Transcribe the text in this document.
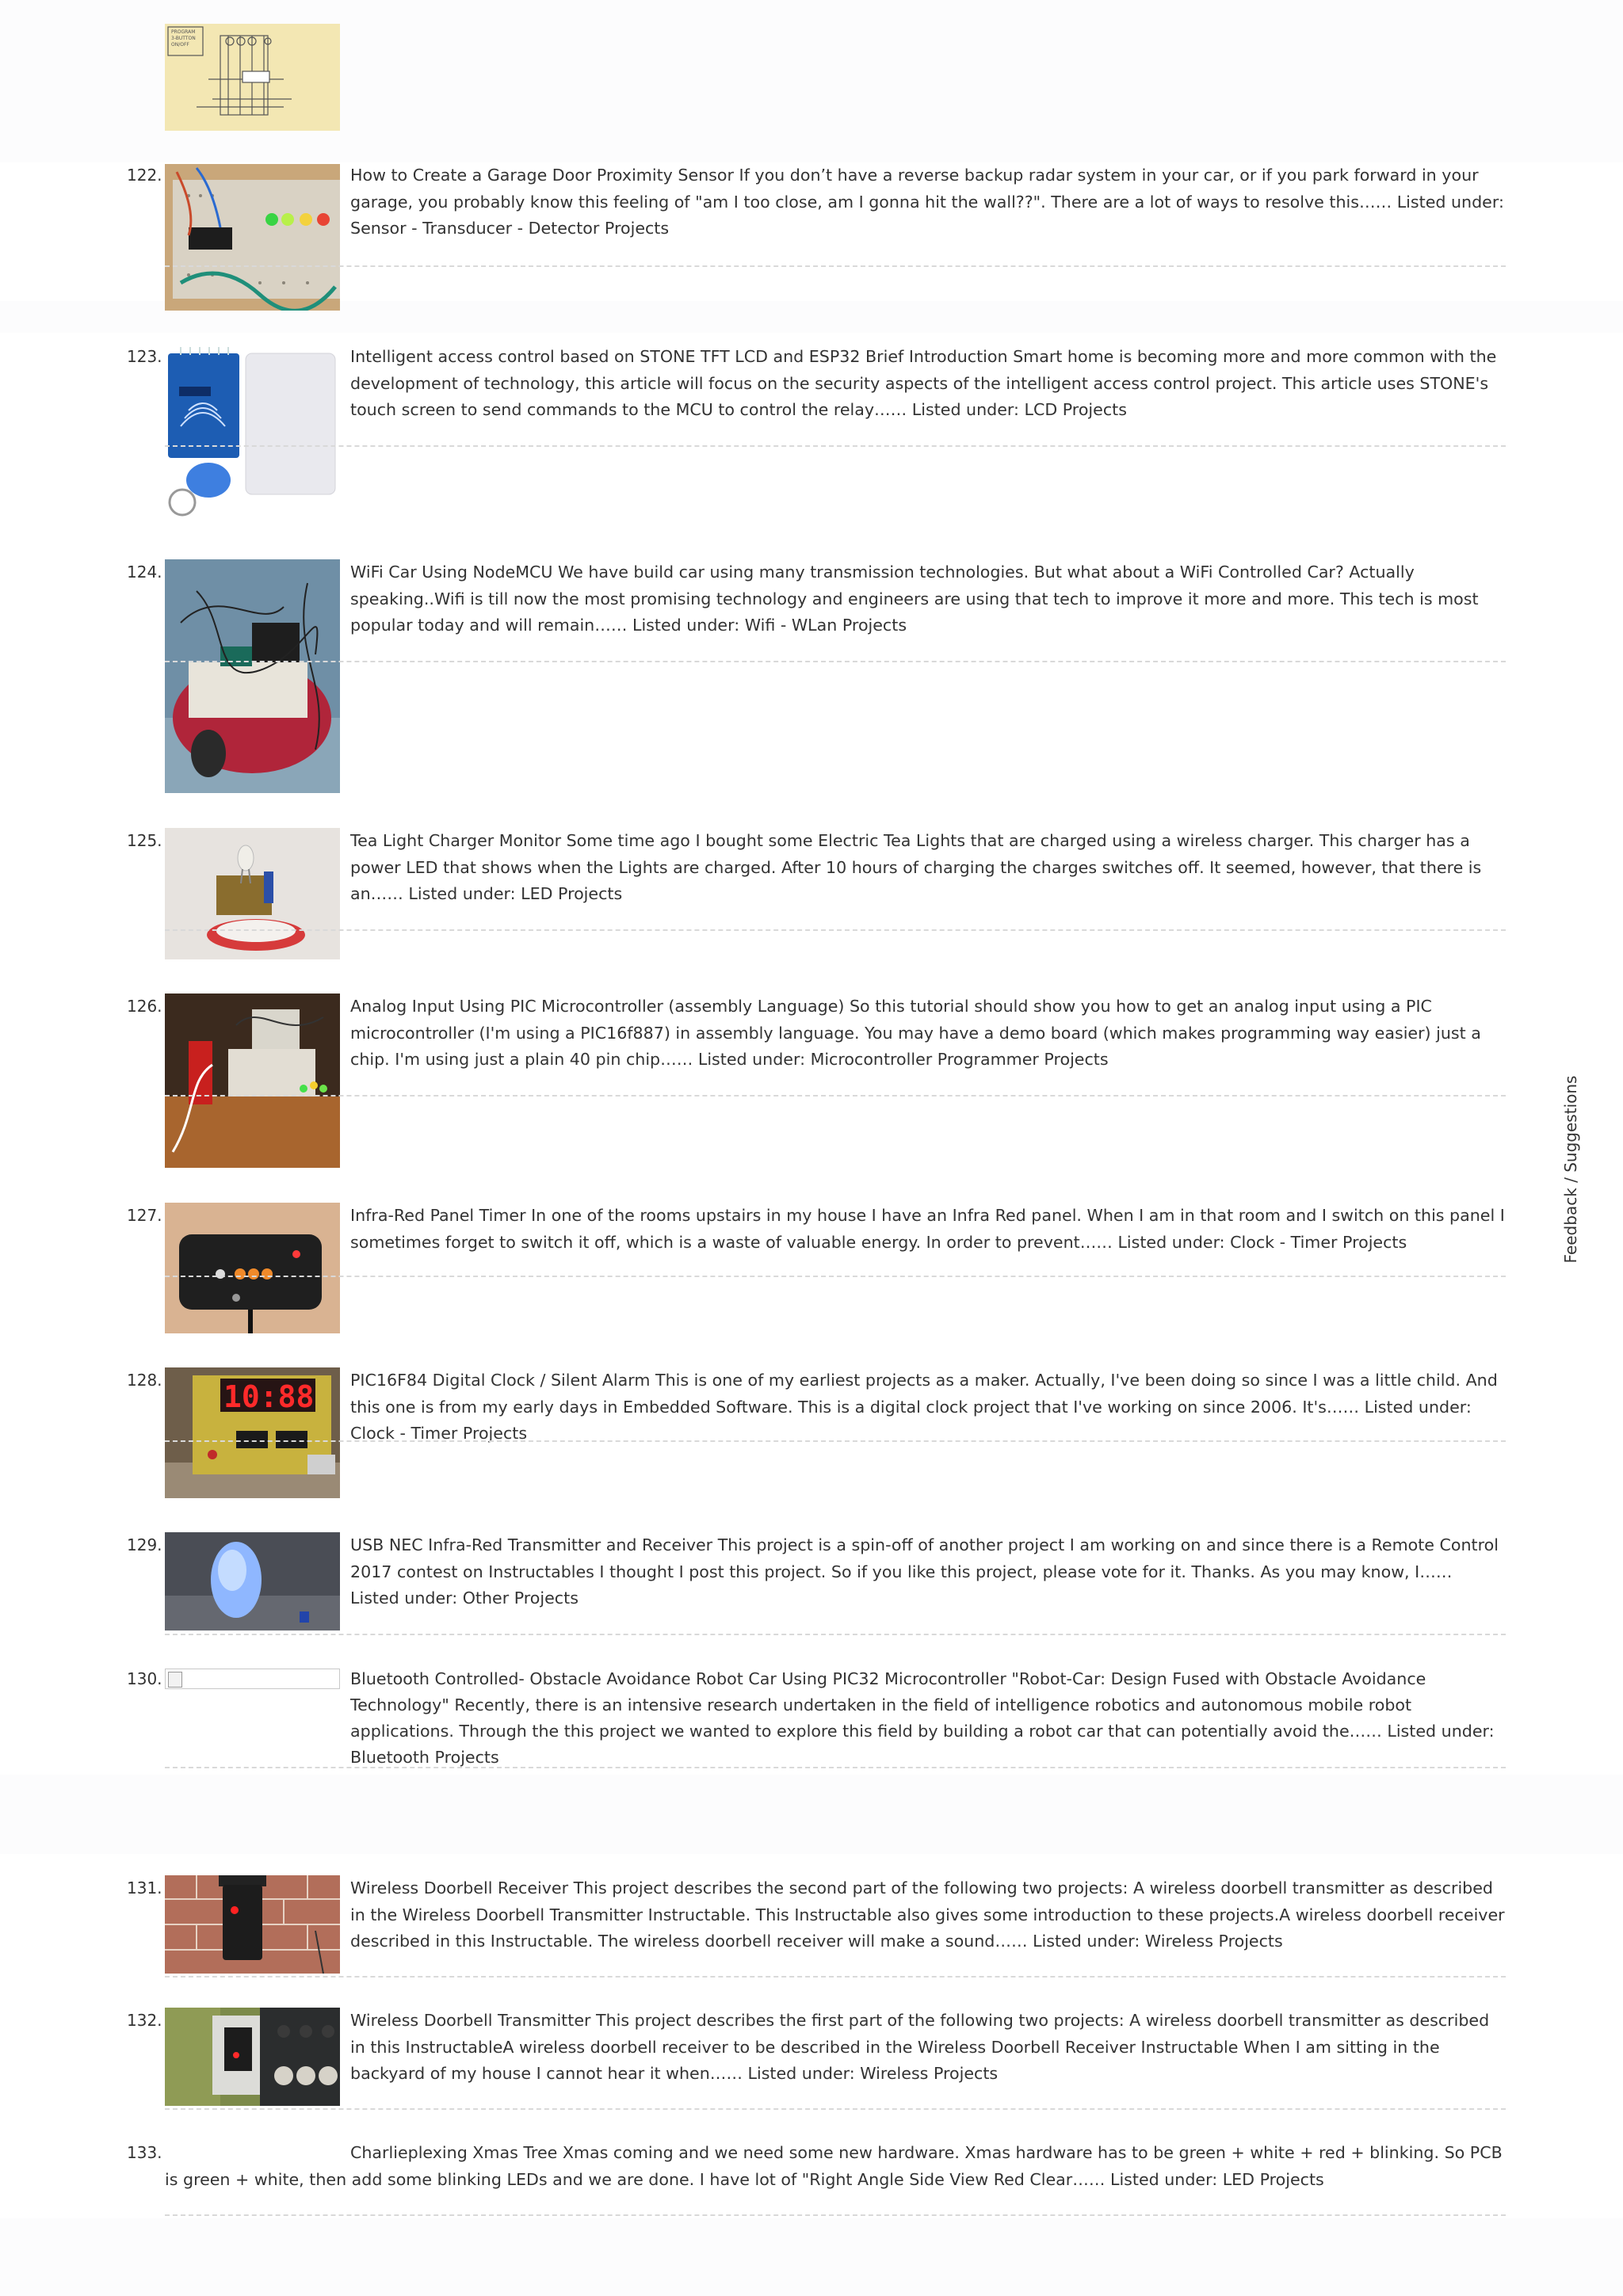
PROGRAM
3-BUTTON
ON/OFF
122.	How to Create a Garage Door Proximity Sensor If you don’t have a reverse backup radar system in your car, or if you park forward in your garage, you probably know this feeling of "am I too close, am I gonna hit the wall??". There are a lot of ways to resolve this…… Listed under: Sensor - Transducer - Detector Projects
123.	Intelligent access control based on STONE TFT LCD and ESP32 Brief Introduction Smart home is becoming more and more common with the development of technology, this article will focus on the security aspects of the intelligent access control project. This article uses STONE's touch screen to send commands to the MCU to control the relay…… Listed under: LCD Projects
124.	WiFi Car Using NodeMCU We have build car using many transmission technologies. But what about a WiFi Controlled Car? Actually speaking..Wifi is till now the most promising technology and engineers are using that tech to improve it more and more. This tech is most popular today and will remain…… Listed under: Wifi - WLan Projects
125.	Tea Light Charger Monitor Some time ago I bought some Electric Tea Lights that are charged using a wireless charger. This charger has a power LED that shows when the Lights are charged. After 10 hours of charging the charges switches off. It seemed, however, that there is an…… Listed under: LED Projects
126.	Analog Input Using PIC Microcontroller (assembly Language) So this tutorial should show you how to get an analog input using a PIC microcontroller (I'm using a PIC16f887) in assembly language. You may have a demo board (which makes programming way easier) just a chip. I'm using just a plain 40 pin chip…… Listed under: Microcontroller Programmer Projects
127.	Infra-Red Panel Timer In one of the rooms upstairs in my house I have an Infra Red panel. When I am in that room and I switch on this panel I sometimes forget to switch it off, which is a waste of valuable energy. In order to prevent…… Listed under: Clock - Timer Projects
128. 10:88 PIC16F84 Digital Clock / Silent Alarm This is one of my earliest projects as a maker. Actually, I've been doing so since I was a little child. And this one is from my early days in Embedded Software. This is a digital clock project that I've working on since 2006. It's…… Listed under: Clock - Timer Projects
129.	USB NEC Infra-Red Transmitter and Receiver This project is a spin-off of another project I am working on and since there is a Remote Control 2017 contest on Instructables I thought I post this project. So if you like this project, please vote for it. Thanks. As you may know, I…… Listed under: Other Projects
130.	Bluetooth Controlled- Obstacle Avoidance Robot Car Using PIC32 Microcontroller "Robot-Car: Design Fused with Obstacle Avoidance Technology" Recently, there is an intensive research undertaken in the field of intelligence robotics and autonomous mobile robot applications. Through the this project we wanted to explore this field by building a robot car that can potentially avoid the…… Listed under: Bluetooth Projects
131.	Wireless Doorbell Receiver This project describes the second part of the following two projects: A wireless doorbell transmitter as described in the Wireless Doorbell Transmitter Instructable. This Instructable also gives some introduction to these projects.A wireless doorbell receiver described in this Instructable. The wireless doorbell receiver will make a sound…… Listed under: Wireless Projects
132.	Wireless Doorbell Transmitter This project describes the first part of the following two projects: A wireless doorbell transmitter as described in this InstructableA wireless doorbell receiver to be described in the Wireless Doorbell Receiver Instructable When I am sitting in the backyard of my house I cannot hear it when…… Listed under: Wireless Projects
133.	Charlieplexing Xmas Tree Xmas coming and we need some new hardware. Xmas hardware has to be green + white + red + blinking. So PCB is green + white, then add some blinking LEDs and we are done. I have lot of "Right Angle Side View Red Clear…… Listed under: LED Projects
Feedback / Suggestions
